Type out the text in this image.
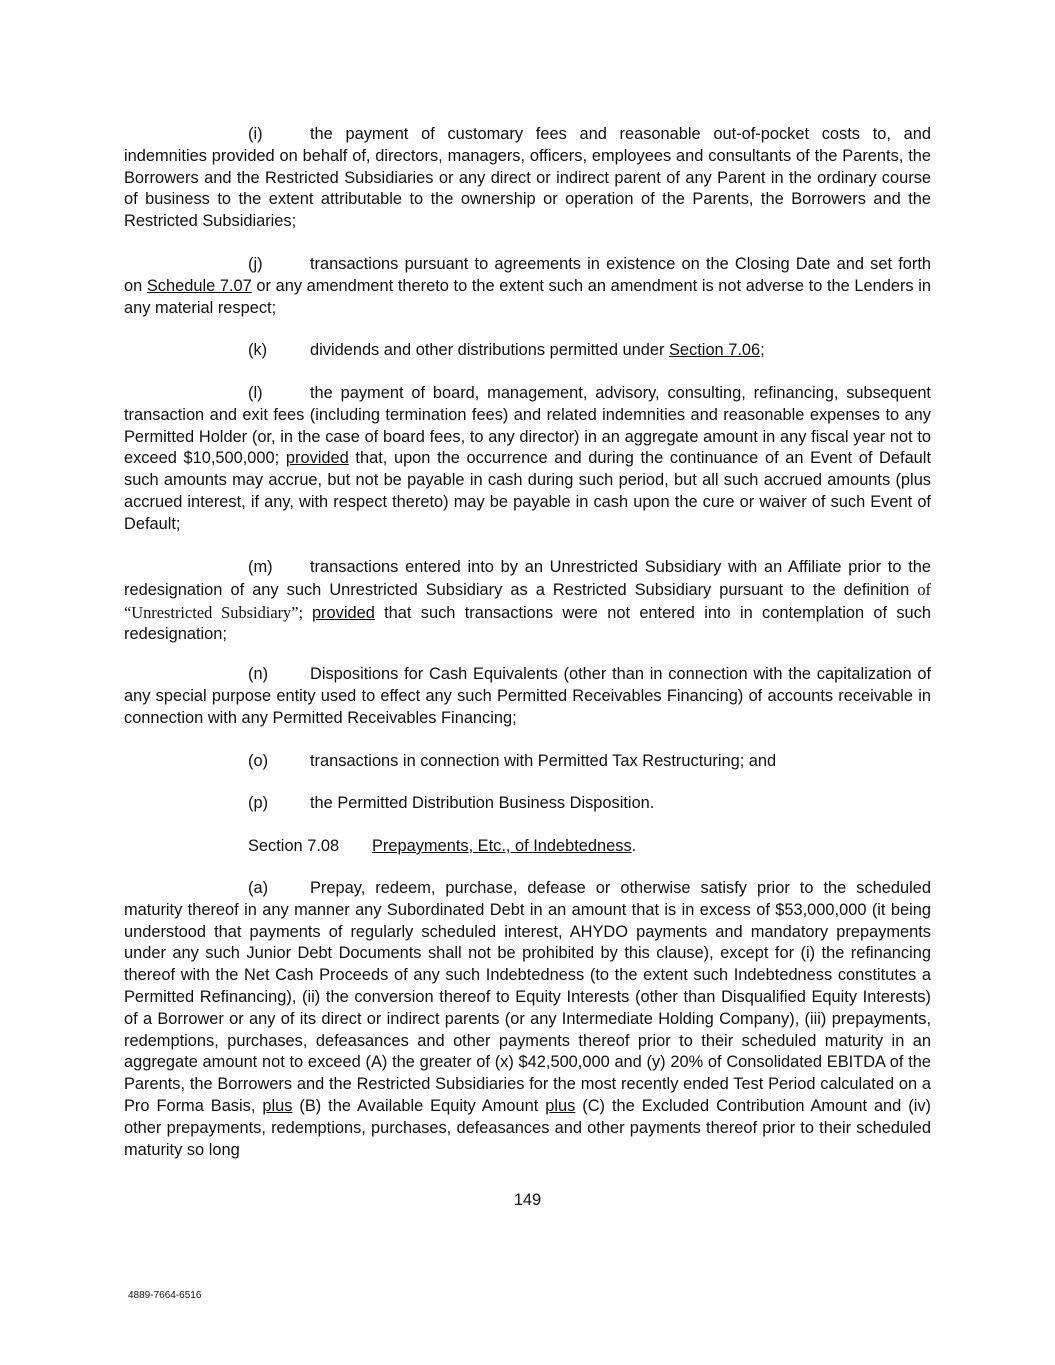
(i)	the payment of customary fees and reasonable out-of-pocket costs to, and indemnities provided on behalf of, directors, managers, officers, employees and consultants of the Parents, the Borrowers and the Restricted Subsidiaries or any direct or indirect parent of any Parent in the ordinary course of business to the extent attributable to the ownership or operation of the Parents, the Borrowers and the Restricted Subsidiaries;

(j)	transactions pursuant to agreements in existence on the Closing Date and set forth on Schedule 7.07 or any amendment thereto to the extent such an amendment is not adverse to the Lenders in any material respect;

(k)	dividends and other distributions permitted under Section 7.06;

(l)	the payment of board, management, advisory, consulting, refinancing, subsequent transaction and exit fees (including termination fees) and related indemnities and reasonable expenses to any Permitted Holder (or, in the case of board fees, to any director) in an aggregate amount in any fiscal year not to exceed $10,500,000; provided that, upon the occurrence and during the continuance of an Event of Default such amounts may accrue, but not be payable in cash during such period, but all such accrued amounts (plus accrued interest, if any, with respect thereto) may be payable in cash upon the cure or waiver of such Event of Default;

(m) transactions entered into by an Unrestricted Subsidiary with an Affiliate prior to the redesignation of any such Unrestricted Subsidiary as a Restricted Subsidiary pursuant to the definition of “Unrestricted Subsidiary”; provided that such transactions were not entered into in contemplation of such redesignation;

(n)	Dispositions for Cash Equivalents (other than in connection with the capitalization of any special purpose entity used to effect any such Permitted Receivables Financing) of accounts receivable in connection with any Permitted Receivables Financing;

(o)	transactions in connection with Permitted Tax Restructuring; and

(p)	the Permitted Distribution Business Disposition.

Section 7.08 Prepayments, Etc., of Indebtedness.

(a)	Prepay, redeem, purchase, defease or otherwise satisfy prior to the scheduled maturity thereof in any manner any Subordinated Debt in an amount that is in excess of $53,000,000 (it being understood that payments of regularly scheduled interest, AHYDO payments and mandatory prepayments under any such Junior Debt Documents shall not be prohibited by this clause), except for (i) the refinancing thereof with the Net Cash Proceeds of any such Indebtedness (to the extent such Indebtedness constitutes a Permitted Refinancing), (ii) the conversion thereof to Equity Interests (other than Disqualified Equity Interests) of a Borrower or any of its direct or indirect parents (or any Intermediate Holding Company), (iii) prepayments, redemptions, purchases, defeasances and other payments thereof prior to their scheduled maturity in an aggregate amount not to exceed (A) the greater of (x) $42,500,000 and (y) 20% of Consolidated EBITDA of the Parents, the Borrowers and the Restricted Subsidiaries for the most recently ended Test Period calculated on a Pro Forma Basis, plus (B) the Available Equity Amount plus (C) the Excluded Contribution Amount and (iv) other prepayments, redemptions, purchases, defeasances and other payments thereof prior to their scheduled maturity so long

149
4889-7664-6516
